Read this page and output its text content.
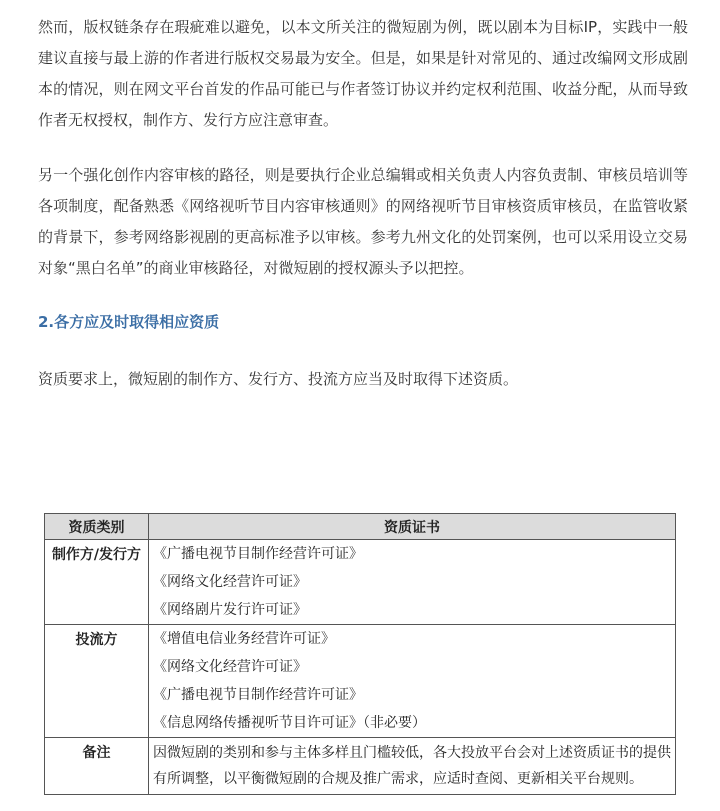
然而，版权链条存在瑕疵难以避免，以本文所关注的微短剧为例，既以剧本为目标IP，实践中一般建议直接与最上游的作者进行版权交易最为安全。但是，如果是针对常见的、通过改编网文形成剧本的情况，则在网文平台首发的作品可能已与作者签订协议并约定权利范围、收益分配，从而导致作者无权授权，制作方、发行方应注意审查。

另一个强化创作内容审核的路径，则是要执行企业总编辑或相关负责人内容负责制、审核员培训等各项制度，配备熟悉《网络视听节目内容审核通则》的网络视听节目审核资质审核员，在监管收紧的背景下，参考网络影视剧的更高标准予以审核。参考九州文化的处罚案例，也可以采用设立交易对象“黑白名单”的商业审核路径，对微短剧的授权源头予以把控。

2.各方应及时取得相应资质

资质要求上，微短剧的制作方、发行方、投流方应当及时取得下述资质。

资质类别	资质证书
制作方/发行方	《广播电视节目制作经营许可证》
《网络文化经营许可证》
《网络剧片发行许可证》

投流方	《增值电信业务经营许可证》
《网络文化经营许可证》
《广播电视节目制作经营许可证》
《信息网络传播视听节目许可证》（非必要）

备注	因微短剧的类别和参与主体多样且门槛较低，各大投放平台会对上述资质证书的提供有所调整，以平衡微短剧的合规及推广需求，应适时查阅、更新相关平台规则。
